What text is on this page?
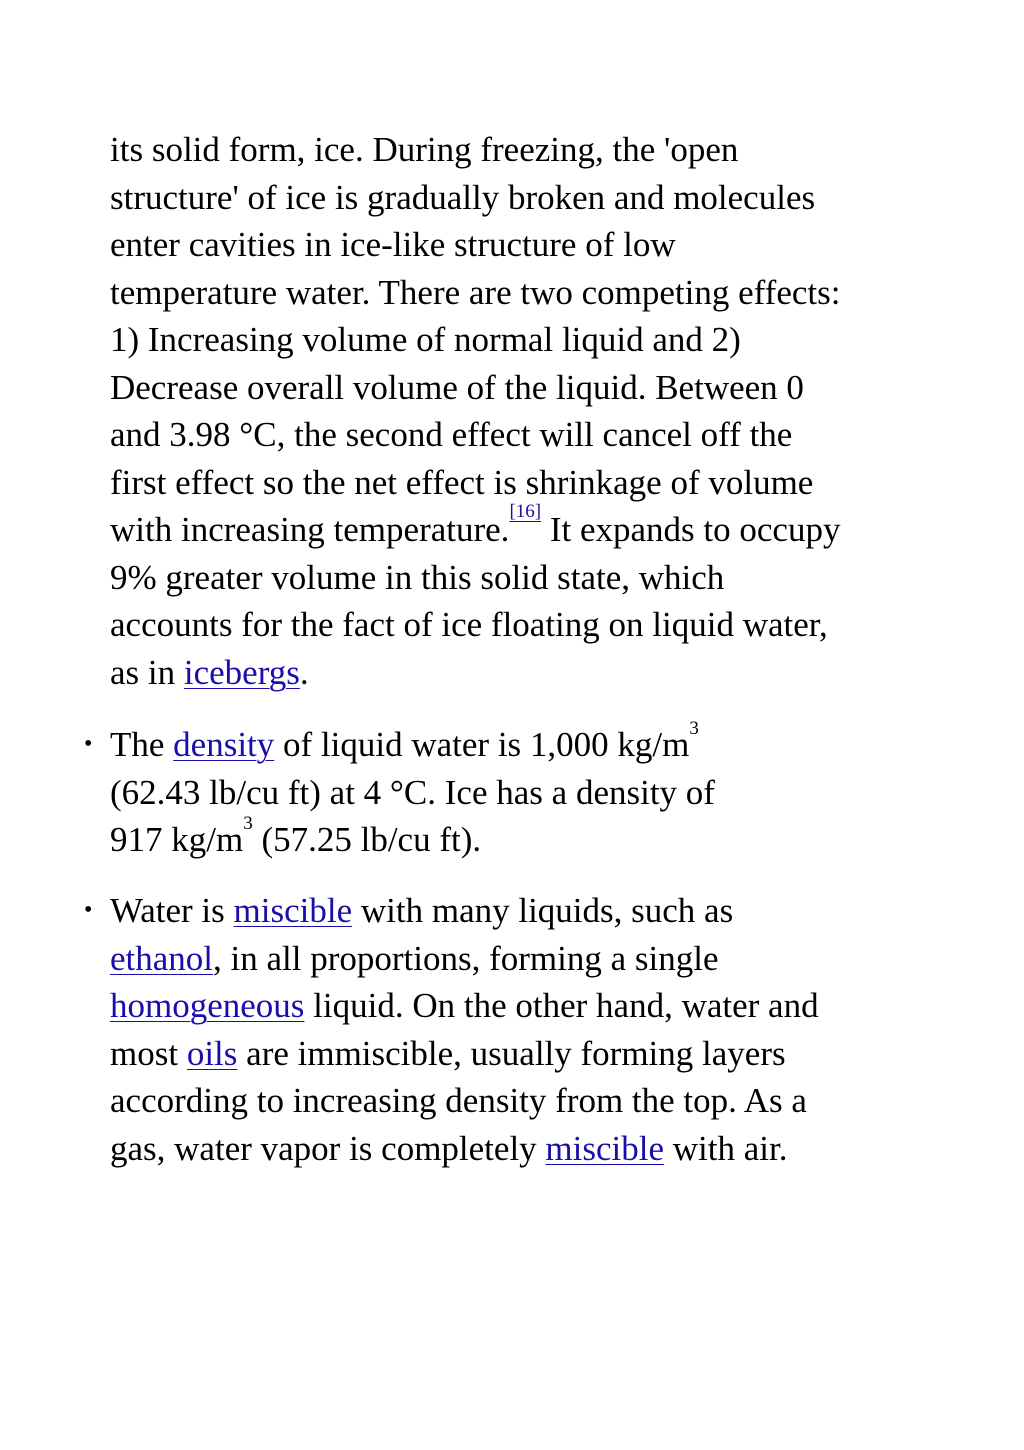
its solid form, ice. During freezing, the 'open
structure' of ice is gradually broken and molecules
enter cavities in ice-like structure of low
temperature water. There are two competing effects:
1) Increasing volume of normal liquid and 2)
Decrease overall volume of the liquid. Between 0
and 3.98 °C, the second effect will cancel off the
first effect so the net effect is shrinkage of volume
with increasing temperature.[16] It expands to occupy
9% greater volume in this solid state, which
accounts for the fact of ice floating on liquid water,
as in icebergs.
• The density of liquid water is 1,000 $kg/m^3$
(62.43 lb/cu ft) at 4 °C. Ice has a density of
917 $kg/m^3$ (57.25 lb/cu ft).
• Water is miscible with many liquids, such as
ethanol, in all proportions, forming a single
homogeneous liquid. On the other hand, water and
most oils are immiscible, usually forming layers
according to increasing density from the top. As a
gas, water vapor is completely miscible with air.
